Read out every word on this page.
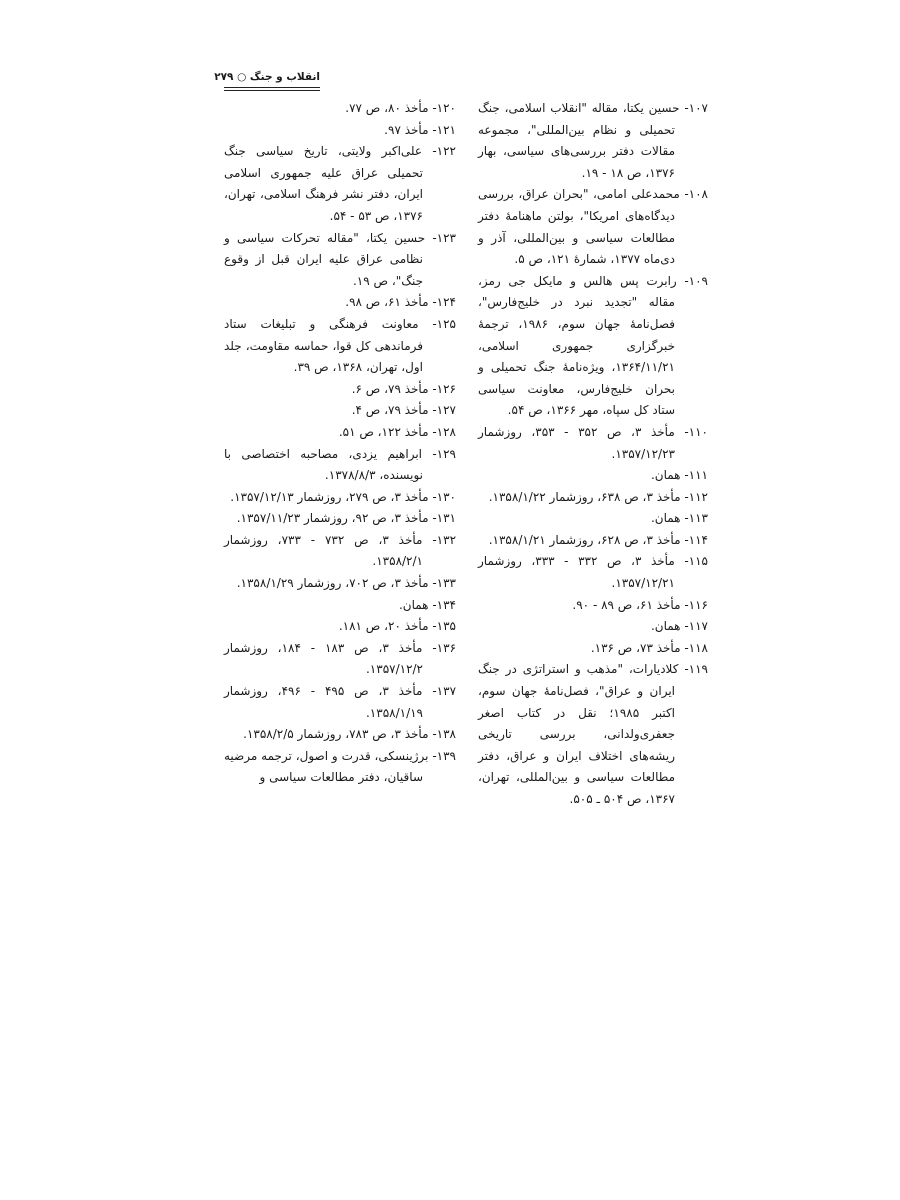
انقلاب و جنگ ○ ۲۷۹
۱۰۷- حسین یکتا، مقاله "انقلاب اسلامی، جنگ تحمیلی و نظام بین‌المللی"، مجموعه مقالات دفتر بررسی‌های سیاسی، بهار ۱۳۷۶، ص ۱۸ - ۱۹.
۱۰۸- محمدعلی امامی، "بحران عراق، بررسی دیدگاه‌های امریکا"، بولتن ماهنامهٔ دفتر مطالعات سیاسی و بین‌المللی، آذر و دی‌ماه ۱۳۷۷، شمارهٔ ۱۲۱، ص ۵.
۱۰۹- رابرت پس هالس و مایکل جی رمز، مقاله "تجدید نبرد در خلیج‌فارس"، فصل‌نامهٔ جهان سوم، ۱۹۸۶، ترجمهٔ خبرگزاری جمهوری اسلامی، ۱۳۶۴/۱۱/۲۱، ویژه‌نامهٔ جنگ تحمیلی و بحران خلیج‌فارس، معاونت سیاسی ستاد کل سپاه، مهر ۱۳۶۶، ص ۵۴.
۱۱۰- مأخذ ۳، ص ۳۵۲ - ۳۵۳، روزشمار ۱۳۵۷/۱۲/۲۳.
۱۱۱- همان.
۱۱۲- مأخذ ۳، ص ۶۳۸، روزشمار ۱۳۵۸/۱/۲۲.
۱۱۳- همان.
۱۱۴- مأخذ ۳، ص ۶۲۸، روزشمار ۱۳۵۸/۱/۲۱.
۱۱۵- مأخذ ۳، ص ۳۳۲ - ۳۳۳، روزشمار ۱۳۵۷/۱۲/۲۱.
۱۱۶- مأخذ ۶۱، ص ۸۹ - ۹۰.
۱۱۷- همان.
۱۱۸- مأخذ ۷۳، ص ۱۳۶.
۱۱۹- کلادیارات، "مذهب و استراتژی در جنگ ایران و عراق"، فصل‌نامهٔ جهان سوم، اکتبر ۱۹۸۵؛ نقل در کتاب اصغر جعفری‌ولدانی، بررسی تاریخی ریشه‌های اختلاف ایران و عراق، دفتر مطالعات سیاسی و بین‌المللی، تهران، ۱۳۶۷، ص ۵۰۴ ـ ۵۰۵.
۱۲۰- مأخذ ۸۰، ص ۷۷.
۱۲۱- مأخذ ۹۷.
۱۲۲- علی‌اکبر ولایتی، تاریخ سیاسی جنگ تحمیلی عراق علیه جمهوری اسلامی ایران، دفتر نشر فرهنگ اسلامی، تهران، ۱۳۷۶، ص ۵۳ - ۵۴.
۱۲۳- حسین یکتا، "مقاله تحرکات سیاسی و نظامی عراق علیه ایران قبل از وقوع جنگ"، ص ۱۹.
۱۲۴- مأخذ ۶۱، ص ۹۸.
۱۲۵- معاونت فرهنگی و تبلیغات ستاد فرماندهی کل قوا، حماسه مقاومت، جلد اول، تهران، ۱۳۶۸، ص ۳۹.
۱۲۶- مأخذ ۷۹، ص ۶.
۱۲۷- مأخذ ۷۹، ص ۴.
۱۲۸- مأخذ ۱۲۲، ص ۵۱.
۱۲۹- ابراهیم یزدی، مصاحبه اختصاصی با نویسنده، ۱۳۷۸/۸/۳.
۱۳۰- مأخذ ۳، ص ۲۷۹، روزشمار ۱۳۵۷/۱۲/۱۳.
۱۳۱- مأخذ ۳، ص ۹۲، روزشمار ۱۳۵۷/۱۱/۲۳.
۱۳۲- مأخذ ۳، ص ۷۳۲ - ۷۳۳، روزشمار ۱۳۵۸/۲/۱.
۱۳۳- مأخذ ۳، ص ۷۰۲، روزشمار ۱۳۵۸/۱/۲۹.
۱۳۴- همان.
۱۳۵- مأخذ ۲۰، ص ۱۸۱.
۱۳۶- مأخذ ۳، ص ۱۸۳ - ۱۸۴، روزشمار ۱۳۵۷/۱۲/۲.
۱۳۷- مأخذ ۳، ص ۴۹۵ - ۴۹۶، روزشمار ۱۳۵۸/۱/۱۹.
۱۳۸- مأخذ ۳، ص ۷۸۳، روزشمار ۱۳۵۸/۲/۵.
۱۳۹- برژینسکی، قدرت و اصول، ترجمه مرضیه ساقیان، دفتر مطالعات سیاسی و
